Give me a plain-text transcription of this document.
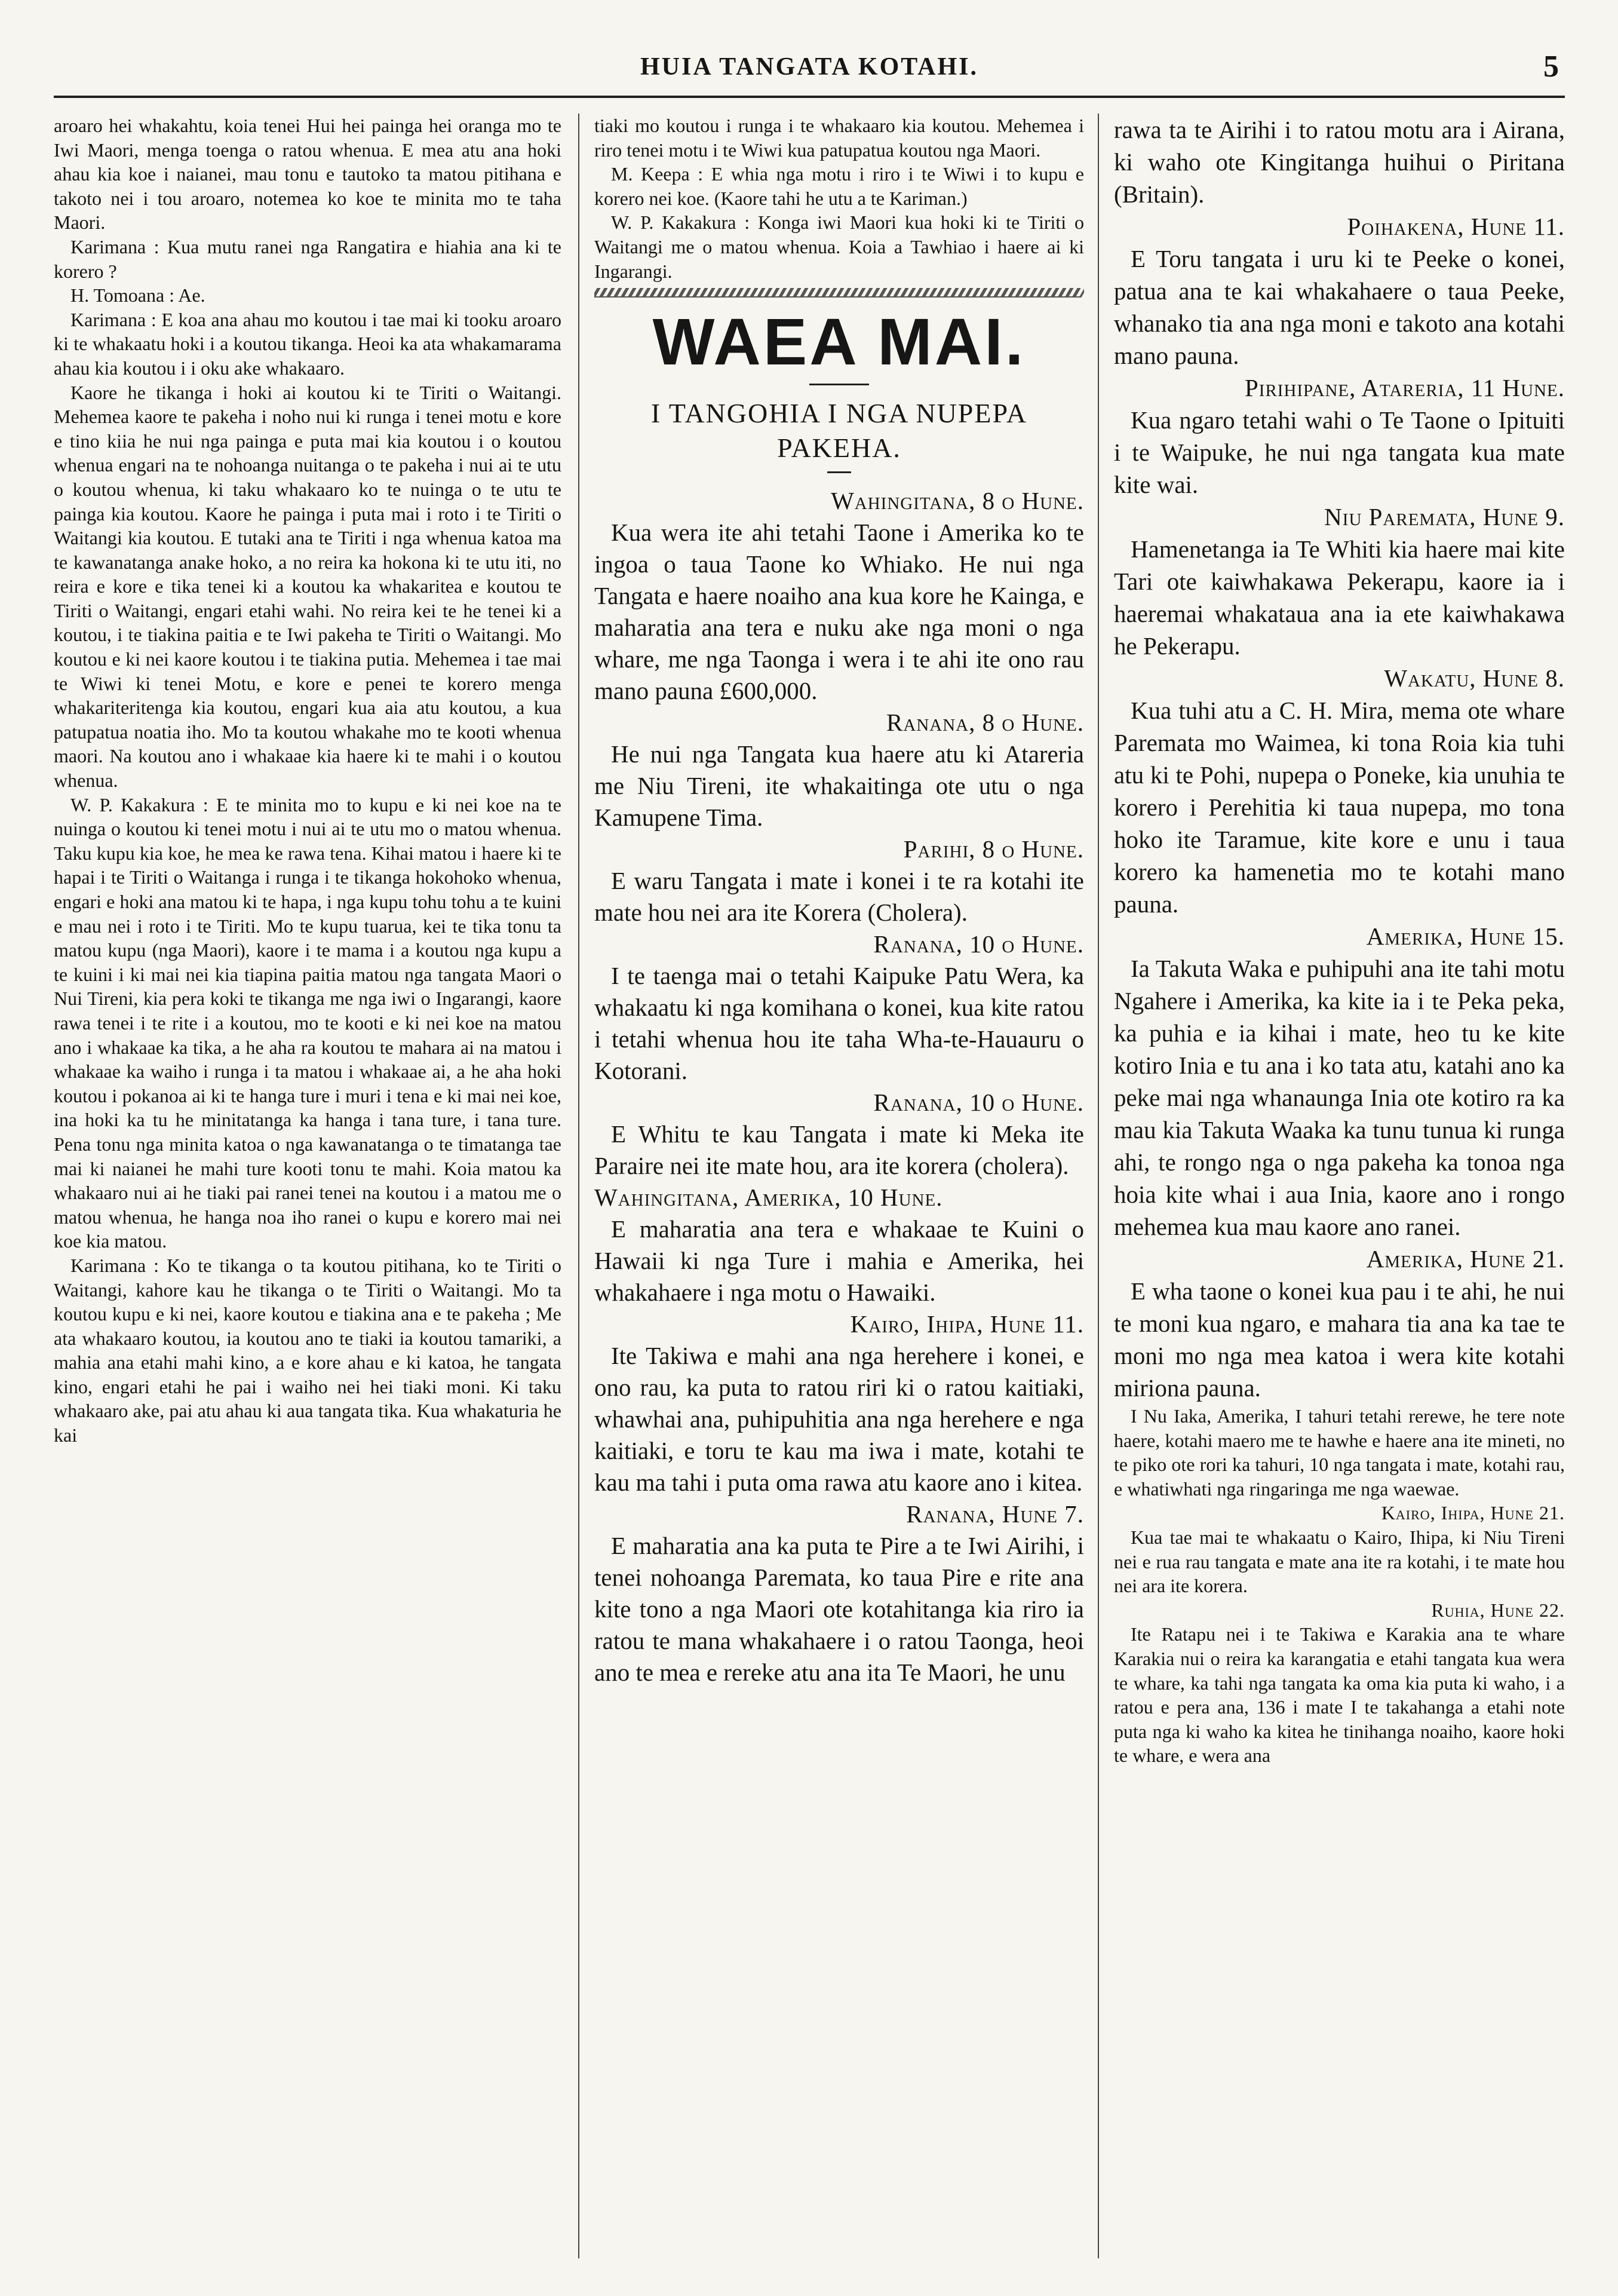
HUIA TANGATA KOTAHI.	5

aroaro hei whakahtu, koia tenei Hui hei painga hei oranga mo te Iwi Maori, menga toenga o ratou whenua. E mea atu ana hoki ahau kia koe i naianei, mau tonu e tautoko ta matou pitihana e takoto nei i tou aroaro, notemea ko koe te minita mo te taha Maori.

Karimana : Kua mutu ranei nga Rangatira e hiahia ana ki te korero ?

H. Tomoana : Ae.

Karimana : E koa ana ahau mo koutou i tae mai ki tooku aroaro ki te whakaatu hoki i a koutou tikanga. Heoi ka ata whakamarama ahau kia koutou i i oku ake whakaaro.

Kaore he tikanga i hoki ai koutou ki te Tiriti o Waitangi. Mehemea kaore te pakeha i noho nui ki runga i tenei motu e kore e tino kiia he nui nga painga e puta mai kia koutou i o koutou whenua engari na te nohoanga nuitanga o te pakeha i nui ai te utu o koutou whenua, ki taku whakaaro ko te nuinga o te utu te painga kia koutou. Kaore he painga i puta mai i roto i te Tiriti o Waitangi kia koutou. E tutaki ana te Tiriti i nga whenua katoa ma te kawanatanga anake hoko, a no reira ka hokona ki te utu iti, no reira e kore e tika tenei ki a koutou ka whakaritea e koutou te Tiriti o Waitangi, engari etahi wahi. No reira kei te he tenei ki a koutou, i te tiakina paitia e te Iwi pakeha te Tiriti o Waitangi. Mo koutou e ki nei kaore koutou i te tiakina putia. Mehemea i tae mai te Wiwi ki tenei Motu, e kore e penei te korero menga whakariteritenga kia koutou, engari kua aia atu koutou, a kua patupatua noatia iho. Mo ta koutou whakahe mo te kooti whenua maori. Na koutou ano i whakaae kia haere ki te mahi i o koutou whenua.

W. P. Kakakura : E te minita mo to kupu e ki nei koe na te nuinga o koutou ki tenei motu i nui ai te utu mo o matou whenua. Taku kupu kia koe, he mea ke rawa tena. Kihai matou i haere ki te hapai i te Tiriti o Waitanga i runga i te tikanga hokohoko whenua, engari e hoki ana matou ki te hapa, i nga kupu tohu tohu a te kuini e mau nei i roto i te Tiriti. Mo te kupu tuarua, kei te tika tonu ta matou kupu (nga Maori), kaore i te mama i a koutou nga kupu a te kuini i ki mai nei kia tiapina paitia matou nga tangata Maori o Nui Tireni, kia pera koki te tikanga me nga iwi o Ingarangi, kaore rawa tenei i te rite i a koutou, mo te kooti e ki nei koe na matou ano i whakaae ka tika, a he aha ra koutou te mahara ai na matou i whakaae ka waiho i runga i ta matou i whakaae ai, a he aha hoki koutou i pokanoa ai ki te hanga ture i muri i tena e ki mai nei koe, ina hoki ka tu he minitatanga ka hanga i tana ture, i tana ture. Pena tonu nga minita katoa o nga kawanatanga o te timatanga tae mai ki naianei he mahi ture kooti tonu te mahi. Koia matou ka whakaaro nui ai he tiaki pai ranei tenei na koutou i a matou me o matou whenua, he hanga noa iho ranei o kupu e korero mai nei koe kia matou.

Karimana : Ko te tikanga o ta koutou pitihana, ko te Tiriti o Waitangi, kahore kau he tikanga o te Tiriti o Waitangi. Mo ta koutou kupu e ki nei, kaore koutou e tiakina ana e te pakeha ; Me ata whakaaro koutou, ia koutou ano te tiaki ia koutou tamariki, a mahia ana etahi mahi kino, a e kore ahau e ki katoa, he tangata kino, engari etahi he pai i waiho nei hei tiaki moni. Ki taku whakaaro ake, pai atu ahau ki aua tangata tika. Kua whakaturia he kai

tiaki mo koutou i runga i te whakaaro kia koutou. Mehemea i riro tenei motu i te Wiwi kua patupatua koutou nga Maori.

M. Keepa : E whia nga motu i riro i te Wiwi i to kupu e korero nei koe. (Kaore tahi he utu a te Kariman.)

W. P. Kakakura : Konga iwi Maori kua hoki ki te Tiriti o Waitangi me o matou whenua. Koia a Tawhiao i haere ai ki Ingarangi.

WAEA MAI.

I TANGOHIA I NGA NUPEPA PAKEHA.

Wahingitana, 8 o Hune.

Kua wera ite ahi tetahi Taone i Amerika ko te ingoa o taua Taone ko Whiako. He nui nga Tangata e haere noaiho ana kua kore he Kainga, e maharatia ana tera e nuku ake nga moni o nga whare, me nga Taonga i wera i te ahi ite ono rau mano pauna £600,000.

Ranana, 8 o Hune.

He nui nga Tangata kua haere atu ki Atareria me Niu Tireni, ite whakaitinga ote utu o nga Kamupene Tima.

Parihi, 8 o Hune.

E waru Tangata i mate i konei i te ra kotahi ite mate hou nei ara ite Korera (Cholera).

Ranana, 10 o Hune.

I te taenga mai o tetahi Kaipuke Patu Wera, ka whakaatu ki nga komihana o konei, kua kite ratou i tetahi whenua hou ite taha Wha-te-Hauauru o Kotorani.

Ranana, 10 o Hune.

E Whitu te kau Tangata i mate ki Meka ite Paraire nei ite mate hou, ara ite korera (cholera).

Wahingitana, Amerika, 10 Hune.

E maharatia ana tera e whakaae te Kuini o Hawaii ki nga Ture i mahia e Amerika, hei whakahaere i nga motu o Hawaiki.

Kairo, Ihipa, Hune 11.

Ite Takiwa e mahi ana nga herehere i konei, e ono rau, ka puta to ratou riri ki o ratou kaitiaki, whawhai ana, puhipuhitia ana nga herehere e nga kaitiaki, e toru te kau ma iwa i mate, kotahi te kau ma tahi i puta oma rawa atu kaore ano i kitea.

Ranana, Hune 7.

E maharatia ana ka puta te Pire a te Iwi Airihi, i tenei nohoanga Paremata, ko taua Pire e rite ana kite tono a nga Maori ote kotahitanga kia riro ia ratou te mana whakahaere i o ratou Taonga, heoi ano te mea e rereke atu ana ita Te Maori, he unu

rawa ta te Airihi i to ratou motu ara i Airana, ki waho ote Kingitanga huihui o Piritana (Britain).

Poihakena, Hune 11.

E Toru tangata i uru ki te Peeke o konei, patua ana te kai whakahaere o taua Peeke, whanako tia ana nga moni e takoto ana kotahi mano pauna.

Pirihipane, Atareria, 11 Hune.

Kua ngaro tetahi wahi o Te Taone o Ipituiti i te Waipuke, he nui nga tangata kua mate kite wai.

Niu Paremata, Hune 9.

Hamenetanga ia Te Whiti kia haere mai kite Tari ote kaiwhakawa Pekerapu, kaore ia i haeremai whakataua ana ia ete kaiwhakawa he Pekerapu.

Wakatu, Hune 8.

Kua tuhi atu a C. H. Mira, mema ote whare Paremata mo Waimea, ki tona Roia kia tuhi atu ki te Pohi, nupepa o Poneke, kia unuhia te korero i Perehitia ki taua nupepa, mo tona hoko ite Taramue, kite kore e unu i taua korero ka hamenetia mo te kotahi mano pauna.

Amerika, Hune 15.

Ia Takuta Waka e puhipuhi ana ite tahi motu Ngahere i Amerika, ka kite ia i te Peka peka, ka puhia e ia kihai i mate, heo tu ke kite kotiro Inia e tu ana i ko tata atu, katahi ano ka peke mai nga whanaunga Inia ote kotiro ra ka mau kia Takuta Waaka ka tunu tunua ki runga ahi, te rongo nga o nga pakeha ka tonoa nga hoia kite whai i aua Inia, kaore ano i rongo mehemea kua mau kaore ano ranei.

Amerika, Hune 21.

E wha taone o konei kua pau i te ahi, he nui te moni kua ngaro, e mahara tia ana ka tae te moni mo nga mea katoa i wera kite kotahi miriona pauna.

I Nu Iaka, Amerika, I tahuri tetahi rerewe, he tere note haere, kotahi maero me te hawhe e haere ana ite mineti, no te piko ote rori ka tahuri, 10 nga tangata i mate, kotahi rau, e whatiwhati nga ringaringa me nga waewae.

Kairo, Ihipa, Hune 21.

Kua tae mai te whakaatu o Kairo, Ihipa, ki Niu Tireni nei e rua rau tangata e mate ana ite ra kotahi, i te mate hou nei ara ite korera.

Ruhia, Hune 22.

Ite Ratapu nei i te Takiwa e Karakia ana te whare Karakia nui o reira ka karangatia e etahi tangata kua wera te whare, ka tahi nga tangata ka oma kia puta ki waho, i a ratou e pera ana, 136 i mate I te takahanga a etahi note puta nga ki waho ka kitea he tinihanga noaiho, kaore hoki te whare, e wera ana
